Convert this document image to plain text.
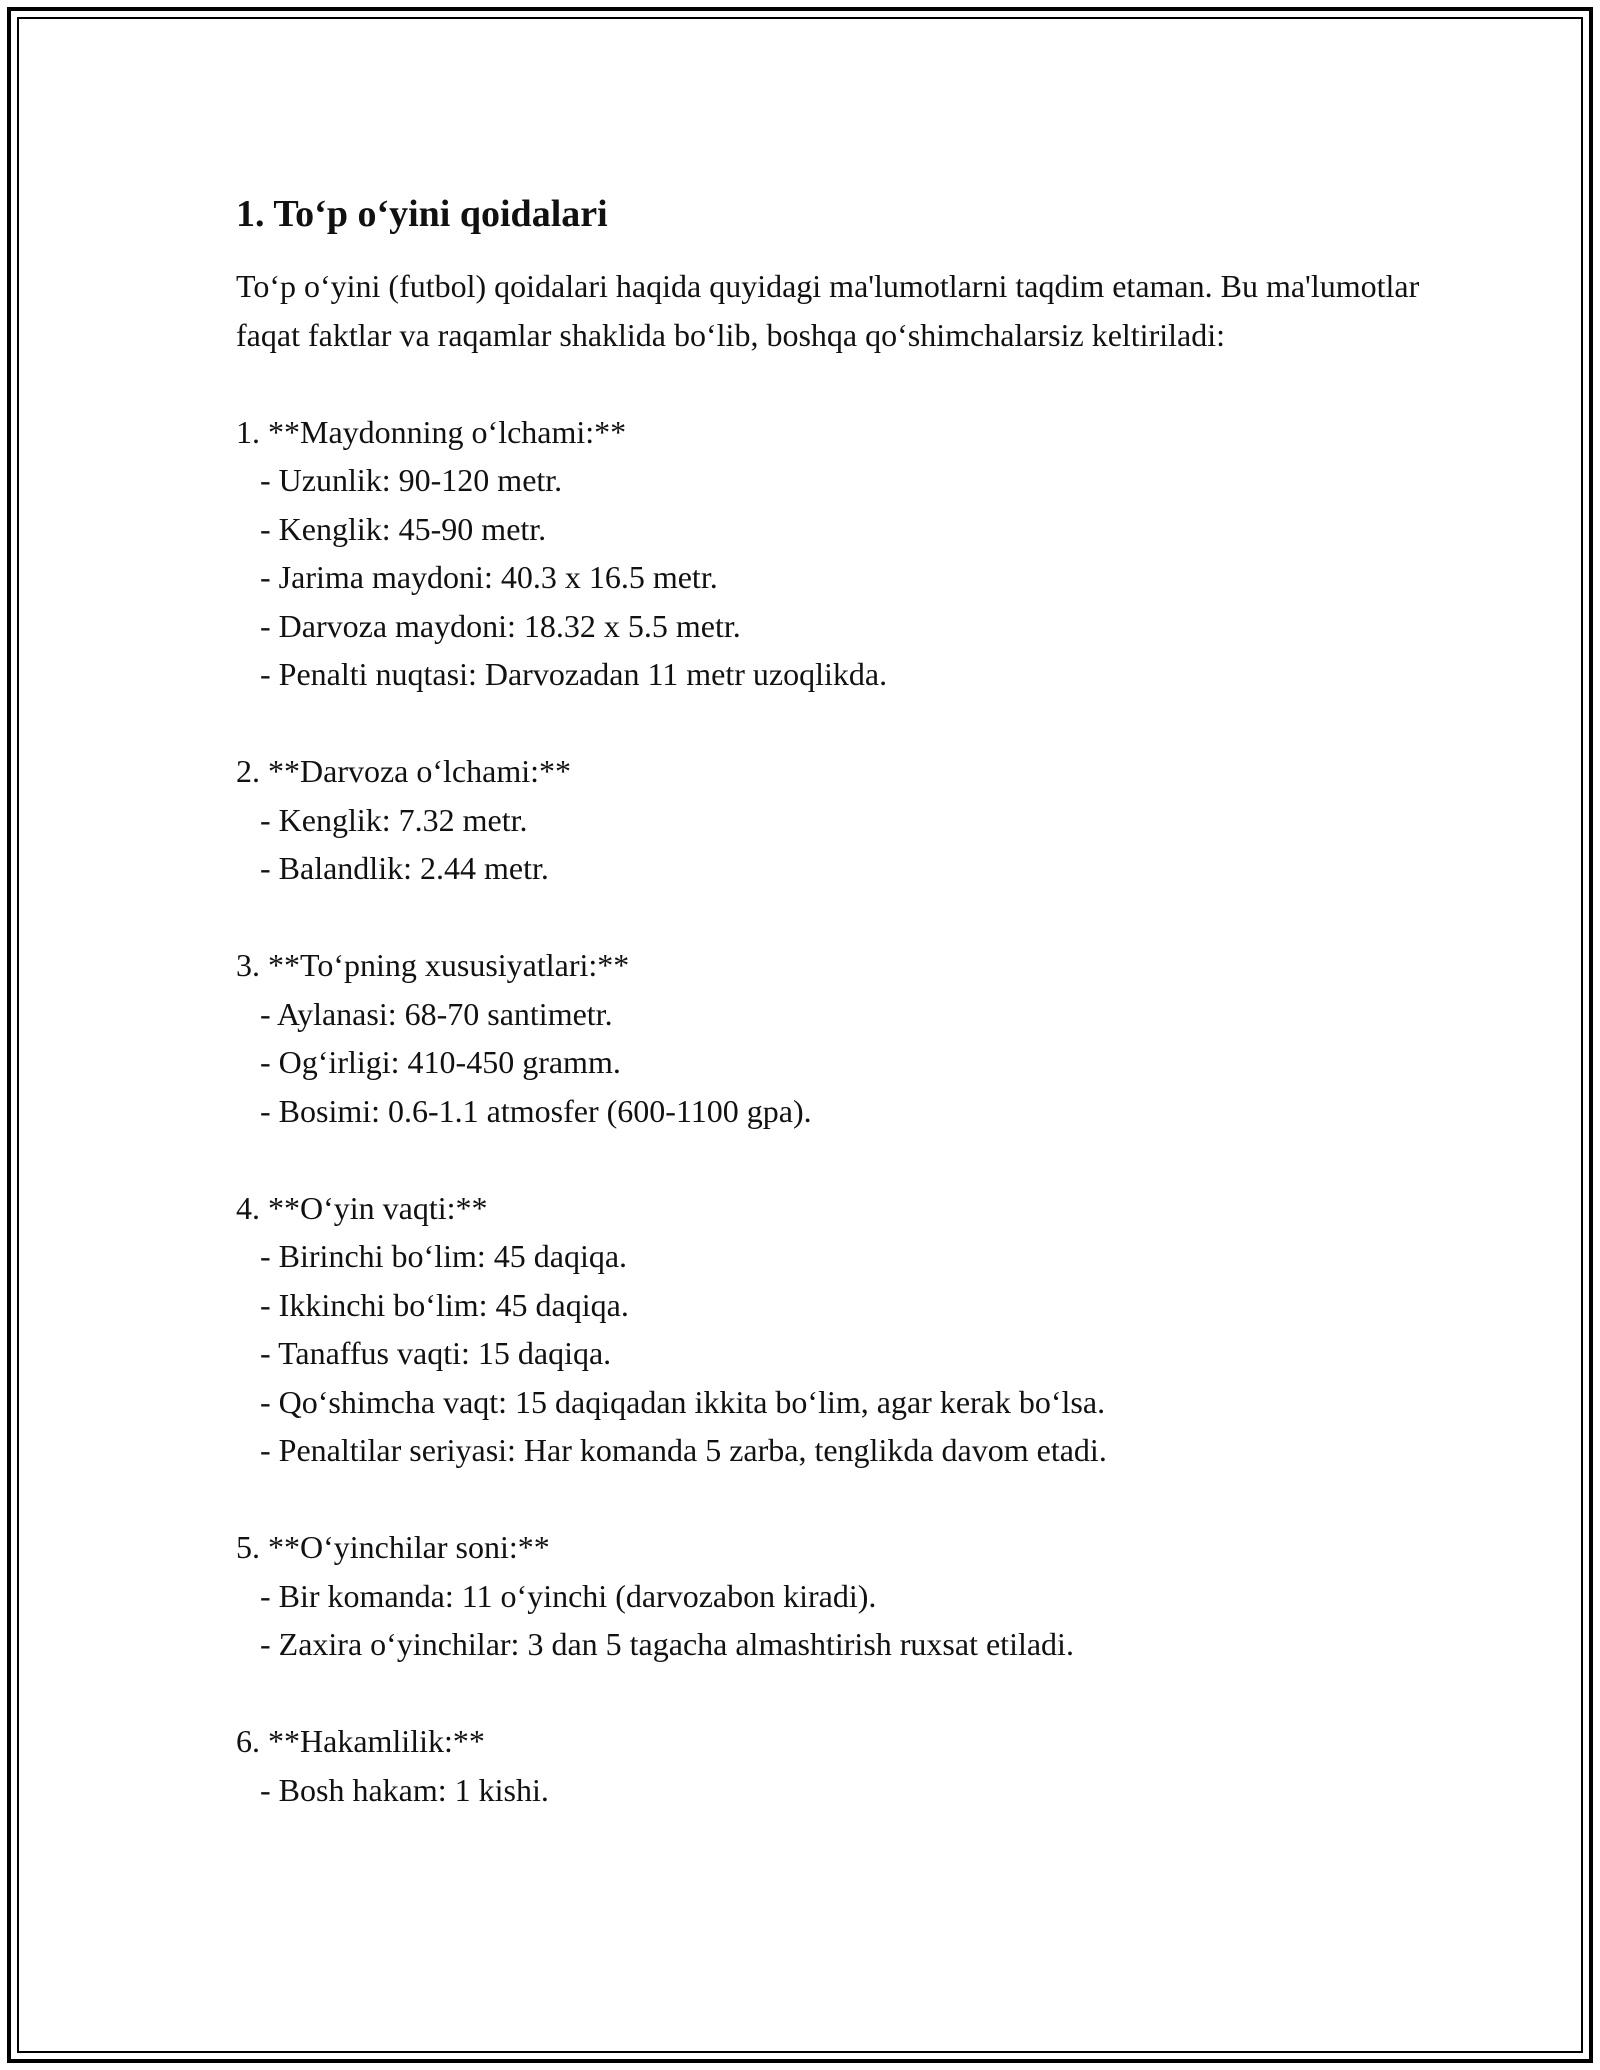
1. To‘p o‘yini qoidalari

To‘p o‘yini (futbol) qoidalari haqida quyidagi ma'lumotlarni taqdim etaman. Bu ma'lumotlar faqat faktlar va raqamlar shaklida bo‘lib, boshqa qo‘shimchalarsiz keltiriladi:

1. **Maydonning o‘lchami:**
- Uzunlik: 90-120 metr.
- Kenglik: 45-90 metr.
- Jarima maydoni: 40.3 x 16.5 metr.
- Darvoza maydoni: 18.32 x 5.5 metr.
- Penalti nuqtasi: Darvozadan 11 metr uzoqlikda.
2. **Darvoza o‘lchami:**
- Kenglik: 7.32 metr.
- Balandlik: 2.44 metr.
3. **To‘pning xususiyatlari:**
- Aylanasi: 68-70 santimetr.
- Og‘irligi: 410-450 gramm.
- Bosimi: 0.6-1.1 atmosfer (600-1100 gpa).
4. **O‘yin vaqti:**
- Birinchi bo‘lim: 45 daqiqa.
- Ikkinchi bo‘lim: 45 daqiqa.
- Tanaffus vaqti: 15 daqiqa.
- Qo‘shimcha vaqt: 15 daqiqadan ikkita bo‘lim, agar kerak bo‘lsa.
- Penaltilar seriyasi: Har komanda 5 zarba, tenglikda davom etadi.
5. **O‘yinchilar soni:**
- Bir komanda: 11 o‘yinchi (darvozabon kiradi).
- Zaxira o‘yinchilar: 3 dan 5 tagacha almashtirish ruxsat etiladi.
6. **Hakamlilik:**
- Bosh hakam: 1 kishi.
